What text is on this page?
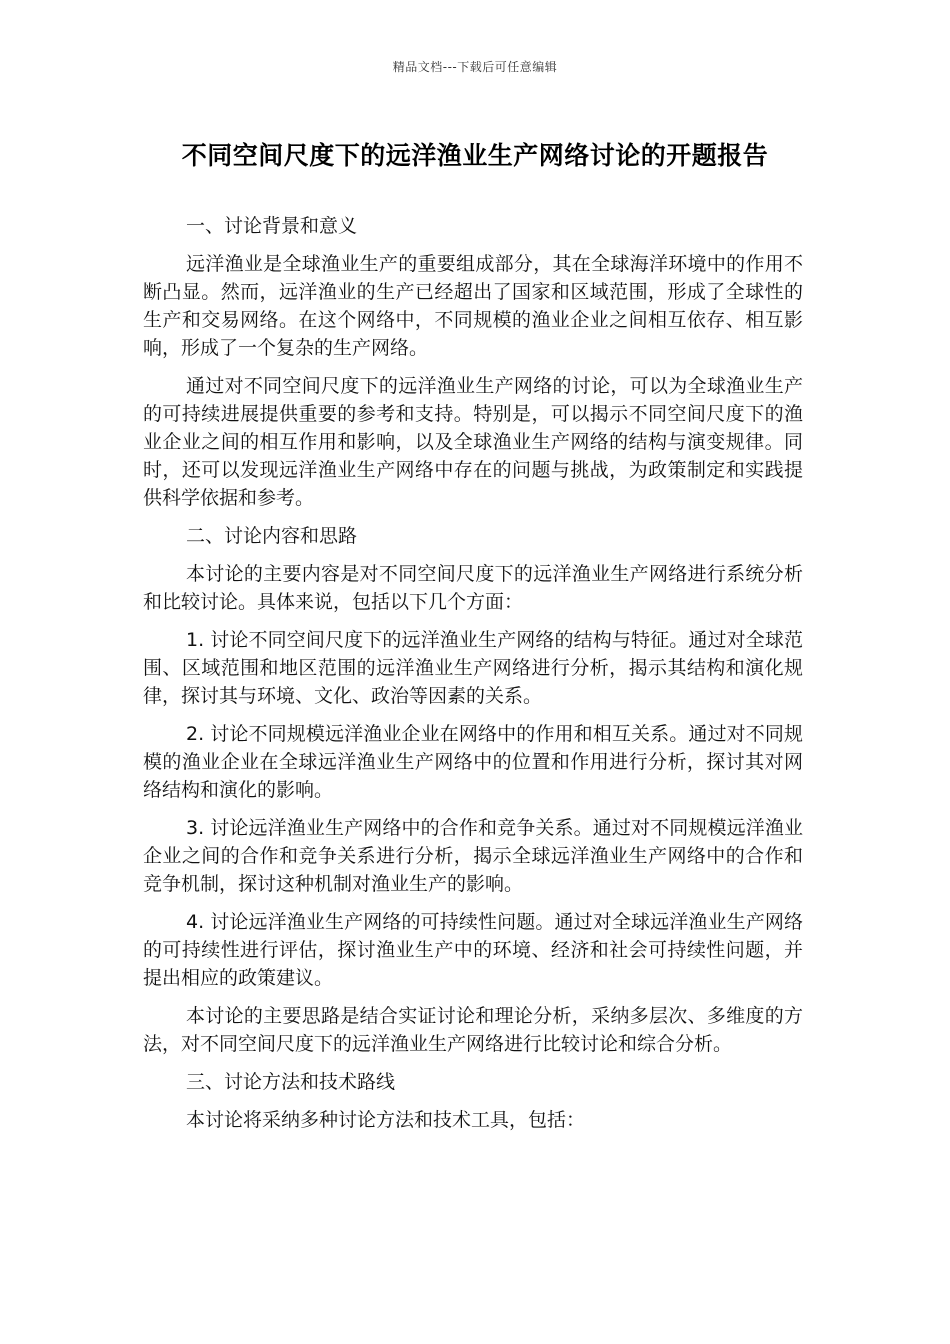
精品文档---下载后可任意编辑
不同空间尺度下的远洋渔业生产网络讨论的开题报告
一、讨论背景和意义

远洋渔业是全球渔业生产的重要组成部分，其在全球海洋环境中的作用不断凸显。然而，远洋渔业的生产已经超出了国家和区域范围，形成了全球性的生产和交易网络。在这个网络中，不同规模的渔业企业之间相互依存、相互影响，形成了一个复杂的生产网络。

通过对不同空间尺度下的远洋渔业生产网络的讨论，可以为全球渔业生产的可持续进展提供重要的参考和支持。特别是，可以揭示不同空间尺度下的渔业企业之间的相互作用和影响，以及全球渔业生产网络的结构与演变规律。同时，还可以发现远洋渔业生产网络中存在的问题与挑战，为政策制定和实践提供科学依据和参考。

二、讨论内容和思路

本讨论的主要内容是对不同空间尺度下的远洋渔业生产网络进行系统分析和比较讨论。具体来说，包括以下几个方面：

1. 讨论不同空间尺度下的远洋渔业生产网络的结构与特征。通过对全球范围、区域范围和地区范围的远洋渔业生产网络进行分析，揭示其结构和演化规律，探讨其与环境、文化、政治等因素的关系。

2. 讨论不同规模远洋渔业企业在网络中的作用和相互关系。通过对不同规模的渔业企业在全球远洋渔业生产网络中的位置和作用进行分析，探讨其对网络结构和演化的影响。

3. 讨论远洋渔业生产网络中的合作和竞争关系。通过对不同规模远洋渔业企业之间的合作和竞争关系进行分析，揭示全球远洋渔业生产网络中的合作和竞争机制，探讨这种机制对渔业生产的影响。

4. 讨论远洋渔业生产网络的可持续性问题。通过对全球远洋渔业生产网络的可持续性进行评估，探讨渔业生产中的环境、经济和社会可持续性问题，并提出相应的政策建议。

本讨论的主要思路是结合实证讨论和理论分析，采纳多层次、多维度的方法，对不同空间尺度下的远洋渔业生产网络进行比较讨论和综合分析。

三、讨论方法和技术路线

本讨论将采纳多种讨论方法和技术工具，包括：
